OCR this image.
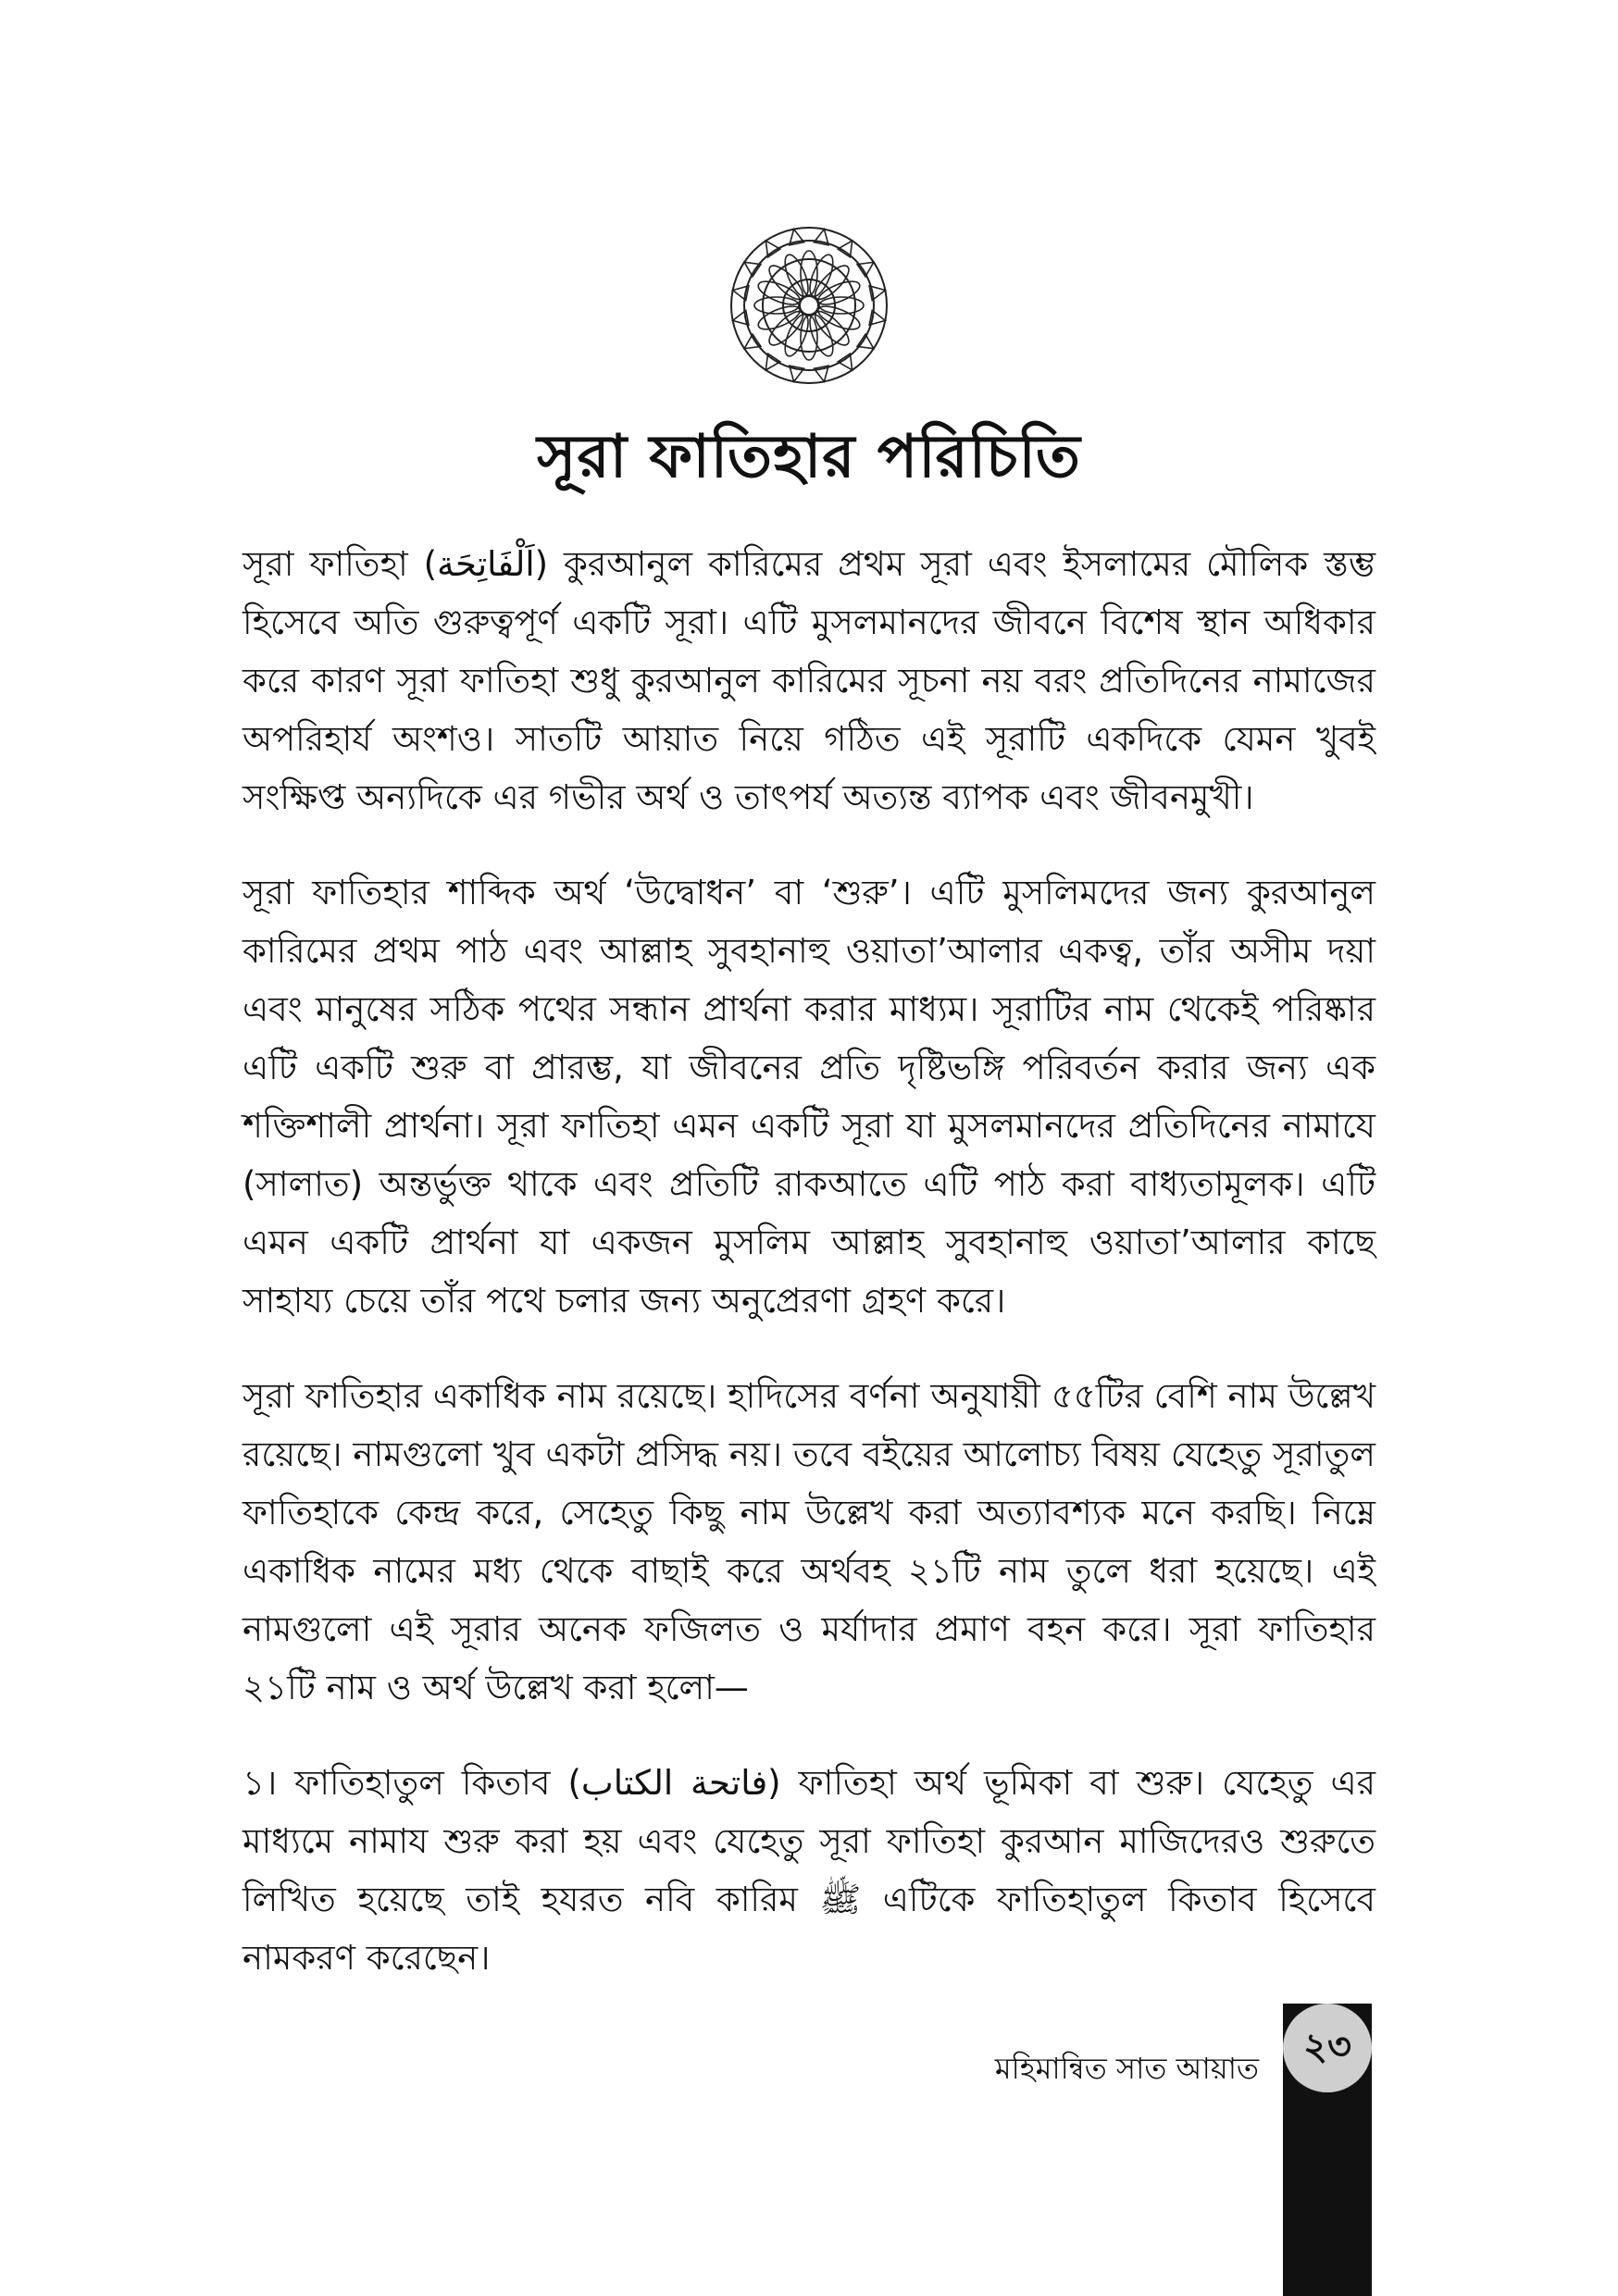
সূরা ফাতিহার পরিচিতি

সূরা ফাতিহা (اَلْفَاتِحَة) কুরআনুল কারিমের প্রথম সূরা এবং ইসলামের মৌলিক স্তম্ভ হিসেবে অতি গুরুত্বপূর্ণ একটি সূরা। এটি মুসলমানদের জীবনে বিশেষ স্থান অধিকার করে কারণ সূরা ফাতিহা শুধু কুরআনুল কারিমের সূচনা নয় বরং প্রতিদিনের নামাজের অপরিহার্য অংশও। সাতটি আয়াত নিয়ে গঠিত এই সূরাটি একদিকে যেমন খুবই সংক্ষিপ্ত অন্যদিকে এর গভীর অর্থ ও তাৎপর্য অত্যন্ত ব্যাপক এবং জীবনমুখী।

সূরা ফাতিহার শাব্দিক অর্থ ‘উদ্বোধন’ বা ‘শুরু’। এটি মুসলিমদের জন্য কুরআনুল কারিমের প্রথম পাঠ এবং আল্লাহ সুবহানাহু ওয়াতা’আলার একত্ব, তাঁর অসীম দয়া এবং মানুষের সঠিক পথের সন্ধান প্রার্থনা করার মাধ্যম। সূরাটির নাম থেকেই পরিষ্কার এটি একটি শুরু বা প্রারম্ভ, যা জীবনের প্রতি দৃষ্টিভঙ্গি পরিবর্তন করার জন্য এক শক্তিশালী প্রার্থনা। সূরা ফাতিহা এমন একটি সূরা যা মুসলমানদের প্রতিদিনের নামাযে (সালাত) অন্তর্ভুক্ত থাকে এবং প্রতিটি রাকআতে এটি পাঠ করা বাধ্যতামূলক। এটি এমন একটি প্রার্থনা যা একজন মুসলিম আল্লাহ সুবহানাহু ওয়াতা’আলার কাছে সাহায্য চেয়ে তাঁর পথে চলার জন্য অনুপ্রেরণা গ্রহণ করে।

সূরা ফাতিহার একাধিক নাম রয়েছে। হাদিসের বর্ণনা অনুযায়ী ৫৫টির বেশি নাম উল্লেখ রয়েছে। নামগুলো খুব একটা প্রসিদ্ধ নয়। তবে বইয়ের আলোচ্য বিষয় যেহেতু সূরাতুল ফাতিহাকে কেন্দ্র করে, সেহেতু কিছু নাম উল্লেখ করা অত্যাবশ্যক মনে করছি। নিম্নে একাধিক নামের মধ্য থেকে বাছাই করে অর্থবহ ২১টি নাম তুলে ধরা হয়েছে। এই নামগুলো এই সূরার অনেক ফজিলত ও মর্যাদার প্রমাণ বহন করে। সূরা ফাতিহার ২১টি নাম ও অর্থ উল্লেখ করা হলো—

১। ফাতিহাতুল কিতাব (فاتحة الكتاب) ফাতিহা অর্থ ভূমিকা বা শুরু। যেহেতু এর মাধ্যমে নামায শুরু করা হয় এবং যেহেতু সূরা ফাতিহা কুরআন মাজিদেরও শুরুতে লিখিত হয়েছে তাই হযরত নবি কারিম ﷺ এটিকে ফাতিহাতুল কিতাব হিসেবে নামকরণ করেছেন।

মহিমান্বিত সাত আয়াত
২৩
